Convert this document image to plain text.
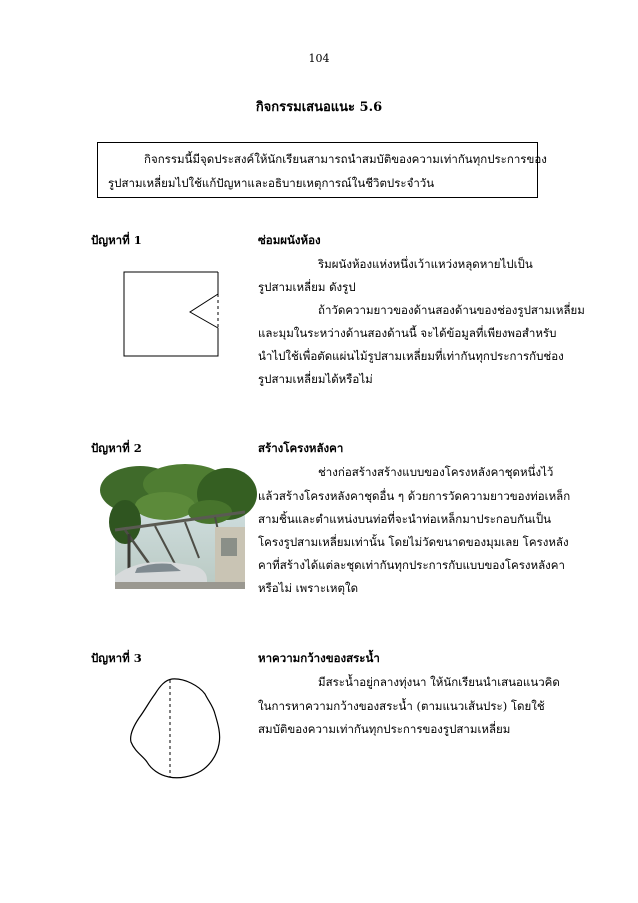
104
กิจกรรมเสนอแนะ 5.6
กิจกรรมนี้มีจุดประสงค์ให้นักเรียนสามารถนำสมบัติของความเท่ากันทุกประการของ
รูปสามเหลี่ยมไปใช้แก้ปัญหาและอธิบายเหตุการณ์ในชีวิตประจำวัน
ปัญหาที่ 1	ซ่อมผนังห้อง
ริมผนังห้องแห่งหนึ่งเว้าแหว่งหลุดหายไปเป็น
รูปสามเหลี่ยม ดังรูป
ถ้าวัดความยาวของด้านสองด้านของช่องรูปสามเหลี่ยม
และมุมในระหว่างด้านสองด้านนี้ จะได้ข้อมูลที่เพียงพอสำหรับ
นำไปใช้เพื่อตัดแผ่นไม้รูปสามเหลี่ยมที่เท่ากันทุกประการกับช่อง
รูปสามเหลี่ยมได้หรือไม่
ปัญหาที่ 2	สร้างโครงหลังคา
ช่างก่อสร้างสร้างแบบของโครงหลังคาชุดหนึ่งไว้
แล้วสร้างโครงหลังคาชุดอื่น ๆ ด้วยการวัดความยาวของท่อเหล็ก
สามชิ้นและตำแหน่งบนท่อที่จะนำท่อเหล็กมาประกอบกันเป็น
โครงรูปสามเหลี่ยมเท่านั้น โดยไม่วัดขนาดของมุมเลย โครงหลัง
คาที่สร้างได้แต่ละชุดเท่ากันทุกประการกับแบบของโครงหลังคา
หรือไม่ เพราะเหตุใด
ปัญหาที่ 3	หาความกว้างของสระน้ำ
มีสระน้ำอยู่กลางทุ่งนา ให้นักเรียนนำเสนอแนวคิด
ในการหาความกว้างของสระน้ำ (ตามแนวเส้นประ) โดยใช้
สมบัติของความเท่ากันทุกประการของรูปสามเหลี่ยม
